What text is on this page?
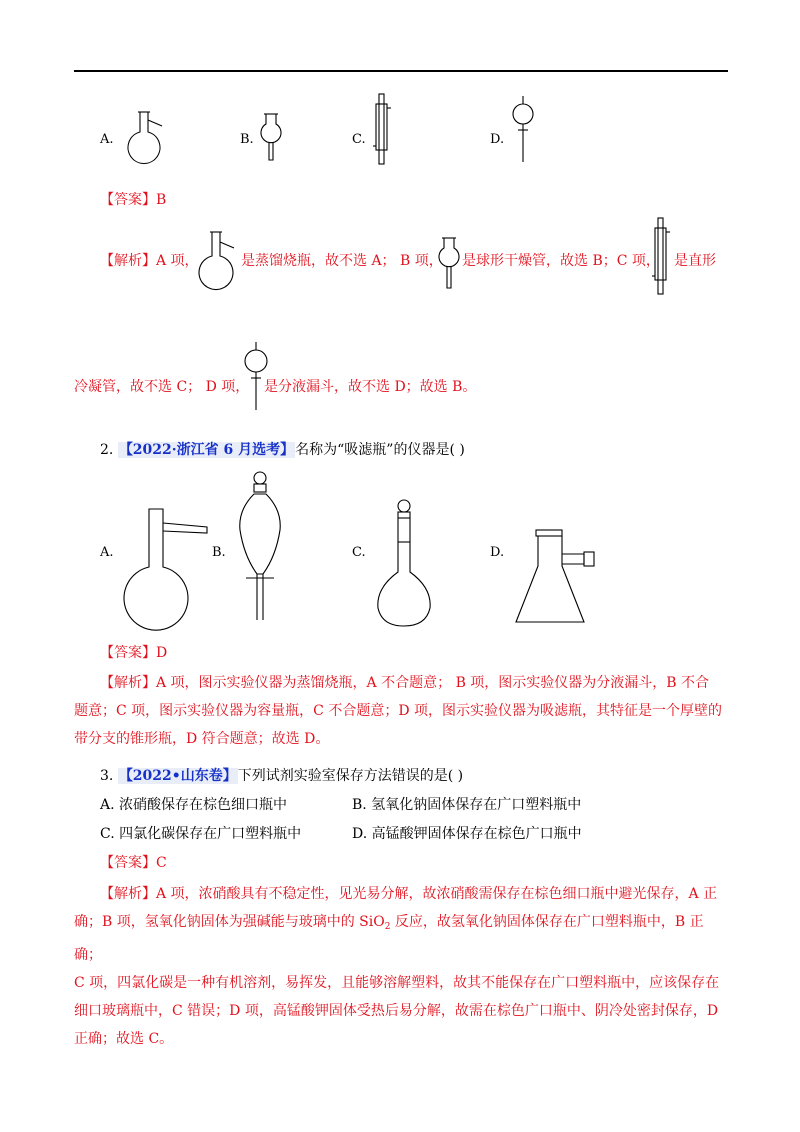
A.	B.	C.	D.
【答案】B
【解析】A 项，	是蒸馏烧瓶，故不选 A； B 项， 是球形干燥管，故选 B；C 项， 是直形
冷凝管，故不选 C； D 项， 是分液漏斗，故不选 D；故选 B。
2. 【2022·浙江省 6 月选考】名称为“吸滤瓶”的仪器是( )
A.	B.	C.	D.
【答案】D
【解析】A 项，图示实验仪器为蒸馏烧瓶，A 不合题意； B 项，图示实验仪器为分液漏斗，B 不合
题意；C 项，图示实验仪器为容量瓶，C 不合题意；D 项，图示实验仪器为吸滤瓶，其特征是一个厚壁的
带分支的锥形瓶，D 符合题意；故选 D。
3. 【2022•山东卷】下列试剂实验室保存方法错误的是( )
A. 浓硝酸保存在棕色细口瓶中	B. 氢氧化钠固体保存在广口塑料瓶中
C. 四氯化碳保存在广口塑料瓶中	D. 高锰酸钾固体保存在棕色广口瓶中
【答案】C
【解析】A 项，浓硝酸具有不稳定性，见光易分解，故浓硝酸需保存在棕色细口瓶中避光保存，A 正
确；B 项，氢氧化钠固体为强碱能与玻璃中的 SiO$_2$ 反应，故氢氧化钠固体保存在广口塑料瓶中，B 正确；
C 项，四氯化碳是一种有机溶剂，易挥发，且能够溶解塑料，故其不能保存在广口塑料瓶中，应该保存在
细口玻璃瓶中，C 错误；D 项，高锰酸钾固体受热后易分解，故需在棕色广口瓶中、阴冷处密封保存，D
正确；故选 C。
